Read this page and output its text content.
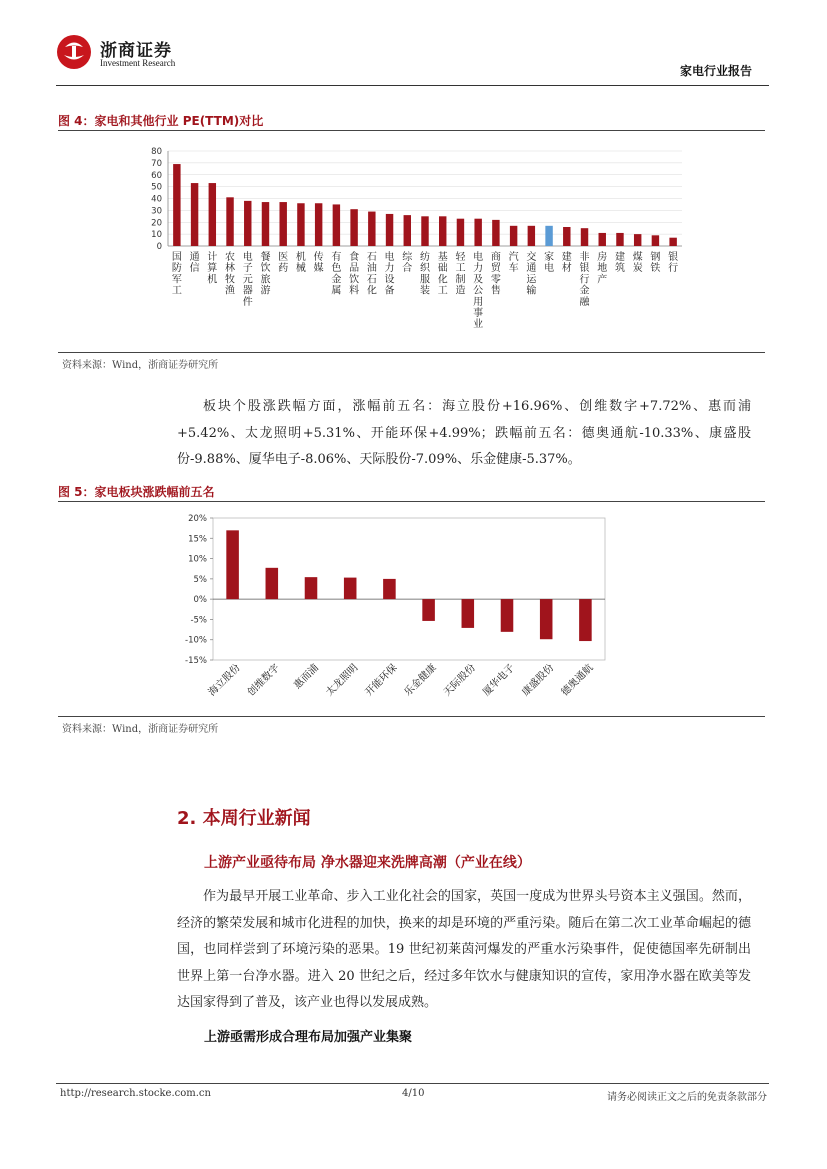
浙商证券
Investment Research
家电行业报告
图 4：家电和其他行业 PE(TTM)对比
0
10
20
30
40
50
60
70
80
国防军工
通信
计算机
农林牧渔
电子元器件
餐饮旅游
医药
机械
传媒
有色金属
食品饮料
石油石化
电力设备
综合
纺织服装
基础化工
轻工制造
电力及公用事业
商贸零售
汽车
交通运输
家电
建材
非银行金融
房地产
建筑
煤炭
钢铁
银行
资料来源：Wind，浙商证券研究所

板块个股涨跌幅方面，涨幅前五名：海立股份+16.96%、创维数字+7.72%、惠而浦+5.42%、太龙照明+5.31%、开能环保+4.99%；跌幅前五名：德奥通航-10.33%、康盛股份-9.88%、厦华电子-8.06%、天际股份-7.09%、乐金健康-5.37%。

图 5：家电板块涨跌幅前五名
20%
15%
10%
5%
0%
-5%
-10%
-15%
海立股份 创维数字 惠而浦 太龙照明 开能环保 乐金健康 天际股份 厦华电子 康盛股份 德奥通航
资料来源：Wind，浙商证券研究所
2. 本周行业新闻
上游产业亟待布局 净水器迎来洗牌高潮（产业在线）

作为最早开展工业革命、步入工业化社会的国家，英国一度成为世界头号资本主义强国。然而，经济的繁荣发展和城市化进程的加快，换来的却是环境的严重污染。随后在第二次工业革命崛起的德国，也同样尝到了环境污染的恶果。19 世纪初莱茵河爆发的严重水污染事件，促使德国率先研制出世界上第一台净水器。进入 20 世纪之后，经过多年饮水与健康知识的宣传，家用净水器在欧美等发达国家得到了普及，该产业也得以发展成熟。

上游亟需形成合理布局加强产业集聚
http://research.stocke.com.cn	4/10	请务必阅读正文之后的免责条款部分
